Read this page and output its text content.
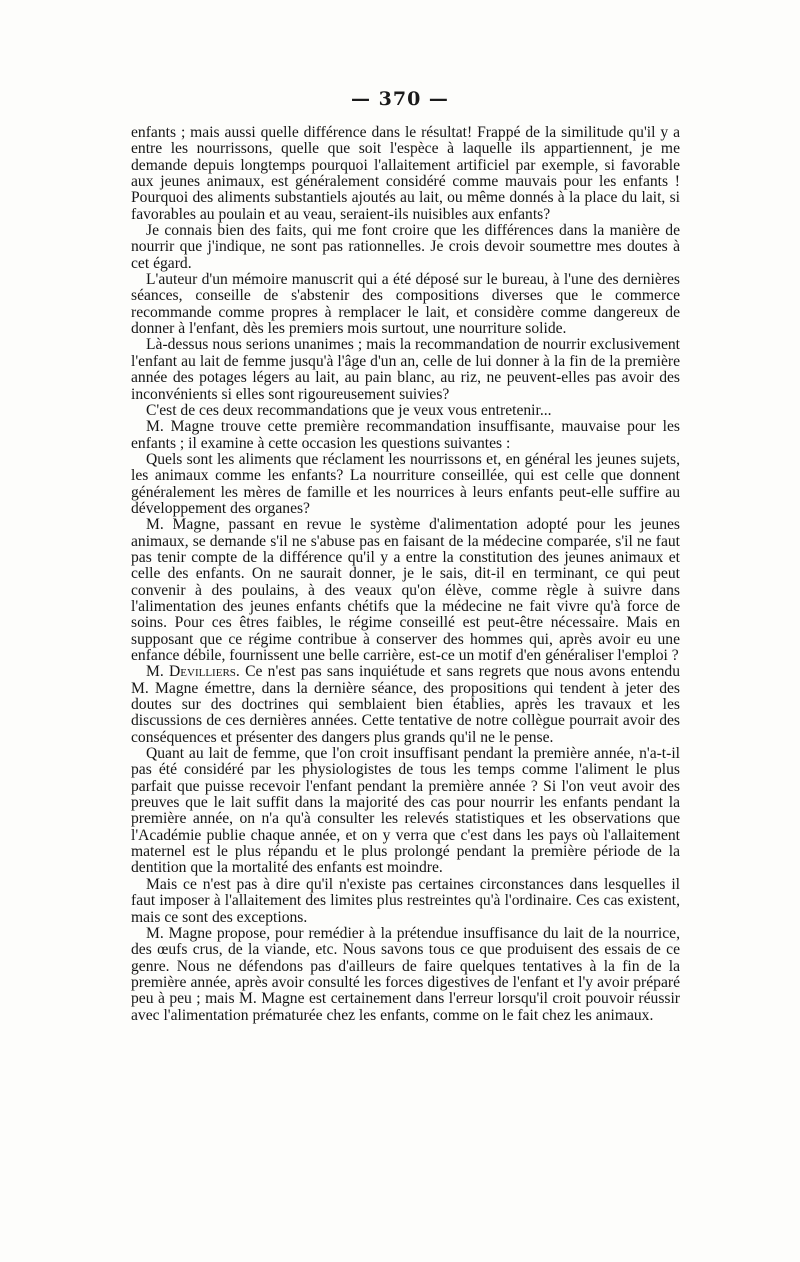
— 370 —

enfants ; mais aussi quelle différence dans le résultat! Frappé de la similitude qu'il y a entre les nourrissons, quelle que soit l'espèce à laquelle ils appartiennent, je me demande depuis longtemps pourquoi l'allaitement artificiel par exemple, si favorable aux jeunes animaux, est généralement considéré comme mauvais pour les enfants ! Pourquoi des aliments substantiels ajoutés au lait, ou même donnés à la place du lait, si favorables au poulain et au veau, seraient-ils nuisibles aux enfants?

Je connais bien des faits, qui me font croire que les différences dans la manière de nourrir que j'indique, ne sont pas rationnelles. Je crois devoir soumettre mes doutes à cet égard.

L'auteur d'un mémoire manuscrit qui a été déposé sur le bureau, à l'une des dernières séances, conseille de s'abstenir des compositions diverses que le commerce recommande comme propres à remplacer le lait, et considère comme dangereux de donner à l'enfant, dès les premiers mois surtout, une nourriture solide.

Là-dessus nous serions unanimes ; mais la recommandation de nourrir exclusivement l'enfant au lait de femme jusqu'à l'âge d'un an, celle de lui donner à la fin de la première année des potages légers au lait, au pain blanc, au riz, ne peuvent-elles pas avoir des inconvénients si elles sont rigoureusement suivies?

C'est de ces deux recommandations que je veux vous entretenir...

M. Magne trouve cette première recommandation insuffisante, mauvaise pour les enfants ; il examine à cette occasion les questions suivantes :

Quels sont les aliments que réclament les nourrissons et, en général les jeunes sujets, les animaux comme les enfants? La nourriture conseillée, qui est celle que donnent généralement les mères de famille et les nourrices à leurs enfants peut-elle suffire au développement des organes?

M. Magne, passant en revue le système d'alimentation adopté pour les jeunes animaux, se demande s'il ne s'abuse pas en faisant de la médecine comparée, s'il ne faut pas tenir compte de la différence qu'il y a entre la constitution des jeunes animaux et celle des enfants. On ne saurait donner, je le sais, dit-il en terminant, ce qui peut convenir à des poulains, à des veaux qu'on élève, comme règle à suivre dans l'alimentation des jeunes enfants chétifs que la médecine ne fait vivre qu'à force de soins. Pour ces êtres faibles, le régime conseillé est peut-être nécessaire. Mais en supposant que ce régime contribue à conserver des hommes qui, après avoir eu une enfance débile, fournissent une belle carrière, est-ce un motif d'en généraliser l'emploi ?

M. Devilliers. Ce n'est pas sans inquiétude et sans regrets que nous avons entendu M. Magne émettre, dans la dernière séance, des propositions qui tendent à jeter des doutes sur des doctrines qui semblaient bien établies, après les travaux et les discussions de ces dernières années. Cette tentative de notre collègue pourrait avoir des conséquences et présenter des dangers plus grands qu'il ne le pense.

Quant au lait de femme, que l'on croit insuffisant pendant la première année, n'a-t-il pas été considéré par les physiologistes de tous les temps comme l'aliment le plus parfait que puisse recevoir l'enfant pendant la première année ? Si l'on veut avoir des preuves que le lait suffit dans la majorité des cas pour nourrir les enfants pendant la première année, on n'a qu'à consulter les relevés statistiques et les observations que l'Académie publie chaque année, et on y verra que c'est dans les pays où l'allaitement maternel est le plus répandu et le plus prolongé pendant la première période de la dentition que la mortalité des enfants est moindre.

Mais ce n'est pas à dire qu'il n'existe pas certaines circonstances dans lesquelles il faut imposer à l'allaitement des limites plus restreintes qu'à l'ordinaire. Ces cas existent, mais ce sont des exceptions.

M. Magne propose, pour remédier à la prétendue insuffisance du lait de la nourrice, des œufs crus, de la viande, etc. Nous savons tous ce que produisent des essais de ce genre. Nous ne défendons pas d'ailleurs de faire quelques tentatives à la fin de la première année, après avoir consulté les forces digestives de l'enfant et l'y avoir préparé peu à peu ; mais M. Magne est certainement dans l'erreur lorsqu'il croit pouvoir réussir avec l'alimentation prématurée chez les enfants, comme on le fait chez les animaux.
